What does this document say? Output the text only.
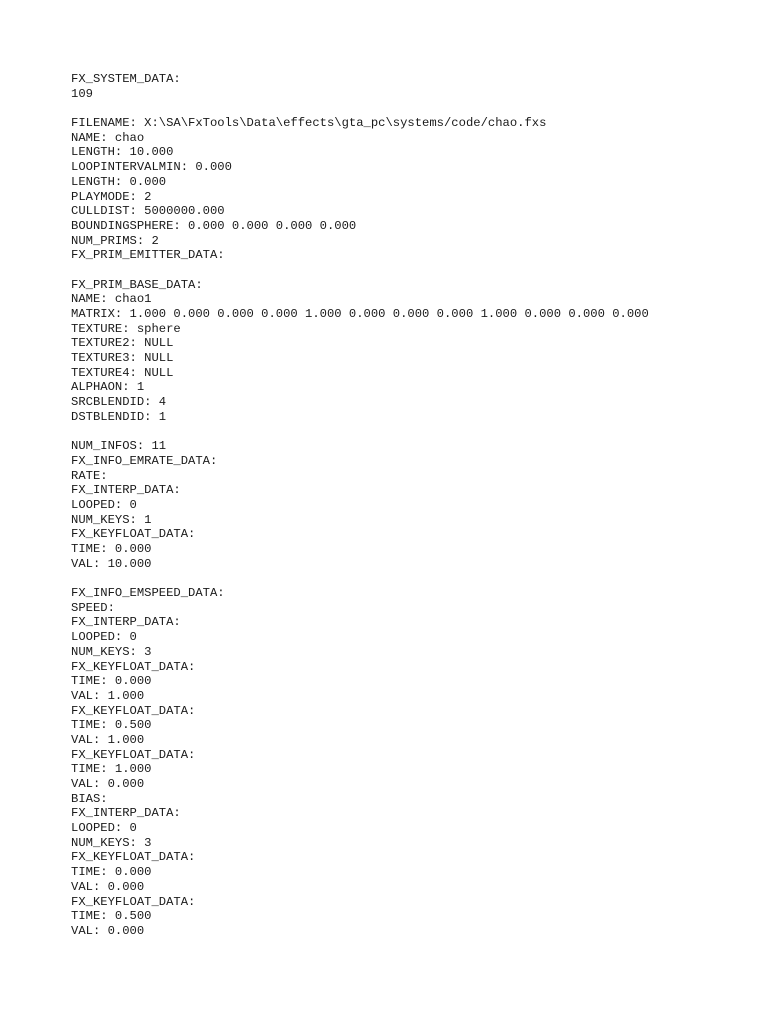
FX_SYSTEM_DATA:
109
FILENAME: X:\SA\FxTools\Data\effects\gta_pc\systems/code/chao.fxs
NAME: chao
LENGTH: 10.000
LOOPINTERVALMIN: 0.000
LENGTH: 0.000
PLAYMODE: 2
CULLDIST: 5000000.000
BOUNDINGSPHERE: 0.000 0.000 0.000 0.000
NUM_PRIMS: 2
FX_PRIM_EMITTER_DATA:
FX_PRIM_BASE_DATA:
NAME: chao1
MATRIX: 1.000 0.000 0.000 0.000 1.000 0.000 0.000 0.000 1.000 0.000 0.000 0.000
TEXTURE: sphere
TEXTURE2: NULL
TEXTURE3: NULL
TEXTURE4: NULL
ALPHAON: 1
SRCBLENDID: 4
DSTBLENDID: 1
NUM_INFOS: 11
FX_INFO_EMRATE_DATA:
RATE:
FX_INTERP_DATA:
LOOPED: 0
NUM_KEYS: 1
FX_KEYFLOAT_DATA:
TIME: 0.000
VAL: 10.000
FX_INFO_EMSPEED_DATA:
SPEED:
FX_INTERP_DATA:
LOOPED: 0
NUM_KEYS: 3
FX_KEYFLOAT_DATA:
TIME: 0.000
VAL: 1.000
FX_KEYFLOAT_DATA:
TIME: 0.500
VAL: 1.000
FX_KEYFLOAT_DATA:
TIME: 1.000
VAL: 0.000
BIAS:
FX_INTERP_DATA:
LOOPED: 0
NUM_KEYS: 3
FX_KEYFLOAT_DATA:
TIME: 0.000
VAL: 0.000
FX_KEYFLOAT_DATA:
TIME: 0.500
VAL: 0.000
